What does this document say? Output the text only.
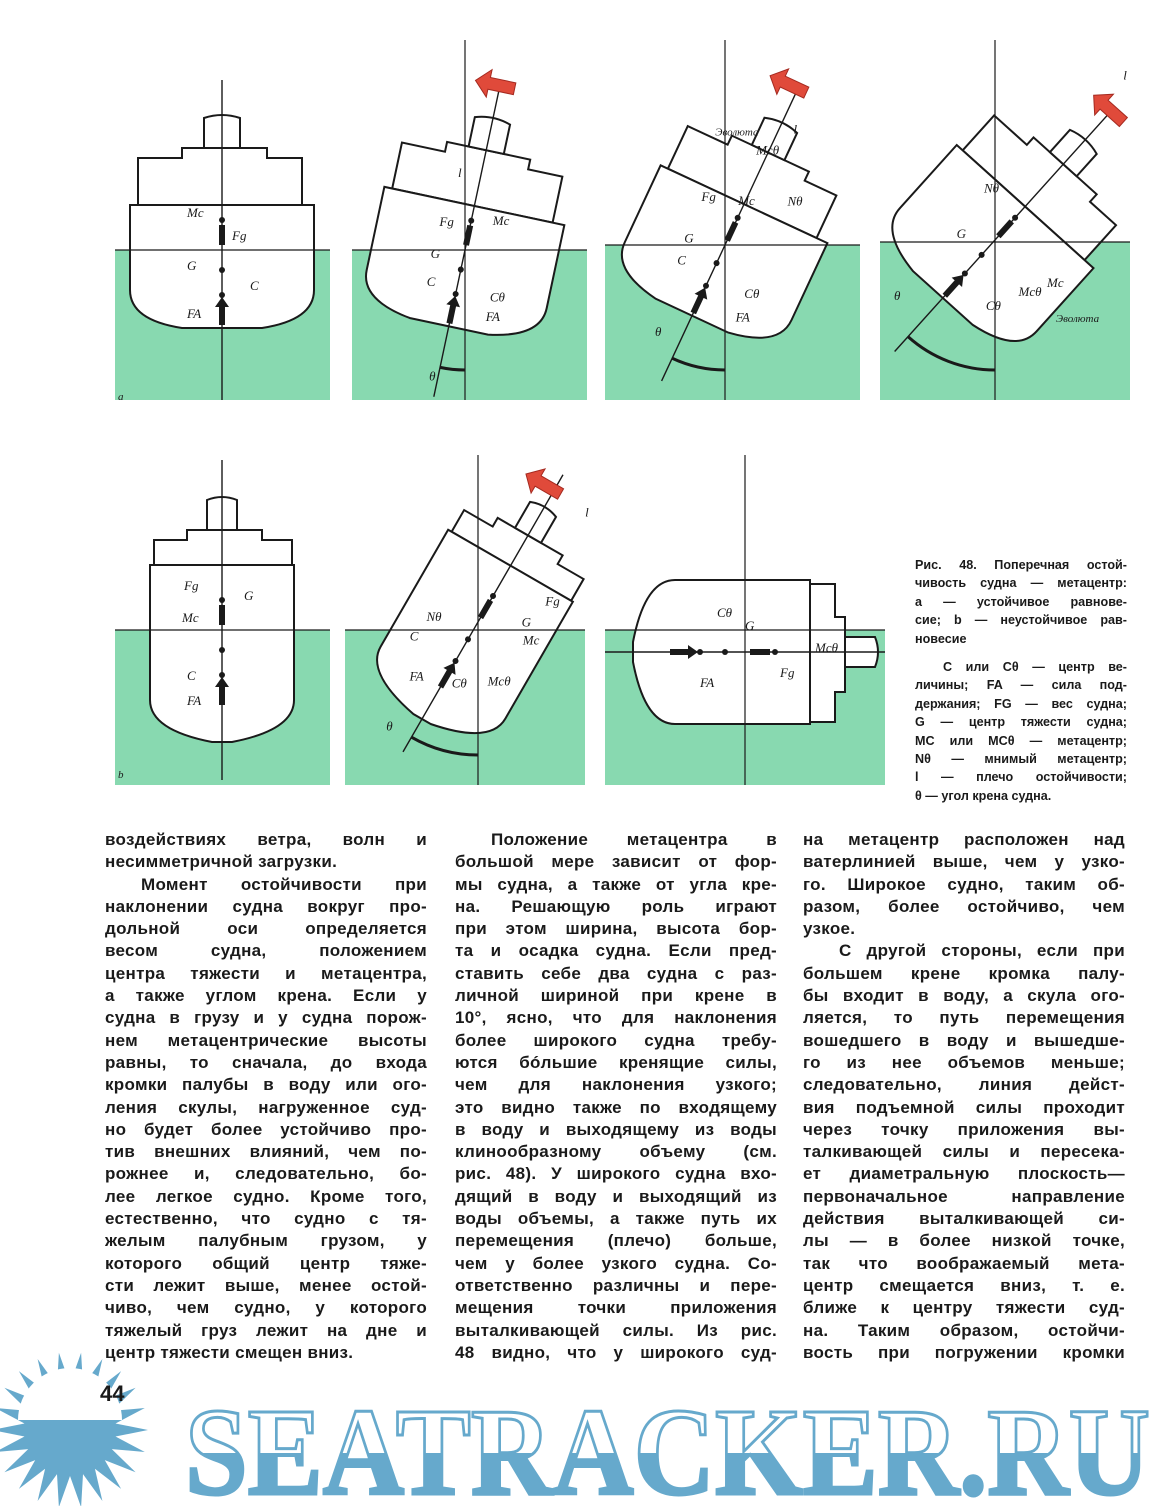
Mc
Fg
G
C
FA
l
Mc
Fg
G
C
Cθ
FA
θ
l
Эволюта
Mcθ
Nθ
Mc
Fg
G
C
Cθ
FA
θ
l
Nθ
Mc
Mcθ
Эволюта
G
Cθ
θ
Fg
G
Mc
C
FA
l
Fg
G
Mc
Nθ
Mcθ
C
Cθ
FA
θ
Mcθ
Fg
G
Cθ
FA
a
b
Рис. 48. Поперечная остой-
чивость судна — метацентр:
a — устойчивое равнове-
сие; b — неустойчивое рав-
новесие
C или Cθ — центр ве-
личины; FA — сила под-
держания; FG — вес судна;
G — центр тяжести судна;
MC или MCθ — метацентр;
Nθ — мнимый метацентр;
l — плечо остойчивости;
θ — угол крена судна.
воздействиях ветра, волн и
несимметричной загрузки.
Момент остойчивости при
наклонении судна вокруг про-
дольной оси определяется
весом судна, положением
центра тяжести и метацентра,
а также углом крена. Если у
судна в грузу и у судна порож-
нем метацентрические высоты
равны, то сначала, до входа
кромки палубы в воду или ого-
ления скулы, нагруженное суд-
но будет более устойчиво про-
тив внешних влияний, чем по-
рожнее и, следовательно, бо-
лее легкое судно. Кроме того,
естественно, что судно с тя-
желым палубным грузом, у
которого общий центр тяже-
сти лежит выше, менее остой-
чиво, чем судно, у которого
тяжелый груз лежит на дне и
центр тяжести смещен вниз.
Положение метацентра в
большой мере зависит от фор-
мы судна, а также от угла кре-
на. Решающую роль играют
при этом ширина, высота бор-
та и осадка судна. Если пред-
ставить себе два судна с раз-
личной шириной при крене в
10°, ясно, что для наклонения
более широкого судна требу-
ются бóльшие кренящие силы,
чем для наклонения узкого;
это видно также по входящему
в воду и выходящему из воды
клинообразному объему (см.
рис. 48). У широкого судна вхо-
дящий в воду и выходящий из
воды объемы, а также путь их
перемещения (плечо) больше,
чем у более узкого судна. Со-
ответственно различны и пере-
мещения точки приложения
выталкивающей силы. Из рис.
48 видно, что у широкого суд-
на метацентр расположен над
ватерлинией выше, чем у узко-
го. Широкое судно, таким об-
разом, более остойчиво, чем
узкое.
С другой стороны, если при
большем крене кромка палу-
бы входит в воду, а скула ого-
ляется, то путь перемещения
вошедшего в воду и вышедше-
го из нее объемов меньше;
следовательно, линия дейст-
вия подъемной силы проходит
через точку приложения вы-
талкивающей силы и пересека-
ет диаметральную плоскость—
первоначальное направление
действия выталкивающей си-
лы — в более низкой точке,
так что воображаемый мета-
центр смещается вниз, т. е.
ближе к центру тяжести суд-
на. Таким образом, остойчи-
вость при погружении кромки
SEATRACKER.RU
44
